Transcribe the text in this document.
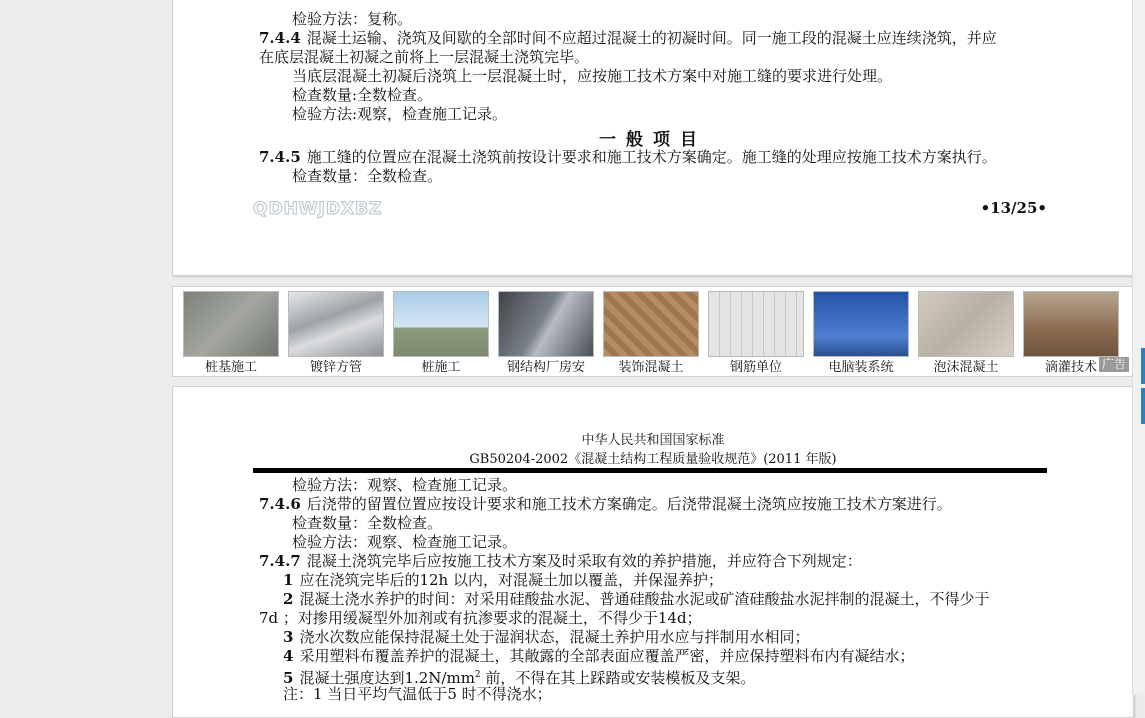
检验方法：复称。
7.4.4 混凝土运输、浇筑及间歇的全部时间不应超过混凝土的初凝时间。同一施工段的混凝土应连续浇筑，并应
在底层混凝土初凝之前将上一层混凝土浇筑完毕。
当底层混凝土初凝后浇筑上一层混凝土时，应按施工技术方案中对施工缝的要求进行处理。
检查数量:全数检查。
检验方法:观察，检查施工记录。
一般项目
7.4.5 施工缝的位置应在混凝土浇筑前按设计要求和施工技术方案确定。施工缝的处理应按施工技术方案执行。
检查数量：全数检查。
QDHWJDXBZ	•13/25•
桩基施工	镀锌方管	桩施工	钢结构厂房安	装饰混凝土	钢筋单位	电脑装系统	泡沫混凝土	滴灌技术 广告
中华人民共和国国家标准
GB50204-2002《混凝土结构工程质量验收规范》(2011 年版)
检验方法：观察、检查施工记录。
7.4.6 后浇带的留置位置应按设计要求和施工技术方案确定。后浇带混凝土浇筑应按施工技术方案进行。
检查数量：全数检查。
检验方法：观察、检查施工记录。
7.4.7 混凝土浇筑完毕后应按施工技术方案及时采取有效的养护措施，并应符合下列规定：
1 应在浇筑完毕后的12h 以内，对混凝土加以覆盖，并保湿养护；
2 混凝土浇水养护的时间：对采用硅酸盐水泥、普通硅酸盐水泥或矿渣硅酸盐水泥拌制的混凝土，不得少于
7d ；对掺用缓凝型外加剂或有抗渗要求的混凝土，不得少于14d；
3 浇水次数应能保持混凝土处于湿润状态，混凝土养护用水应与拌制用水相同；
4 采用塑料布覆盖养护的混凝土，其敞露的全部表面应覆盖严密，并应保持塑料布内有凝结水；
5 混凝土强度达到$1.2N/mm^2$ 前，不得在其上踩踏或安装模板及支架。
注：1 当日平均气温低于5 时不得浇水；
